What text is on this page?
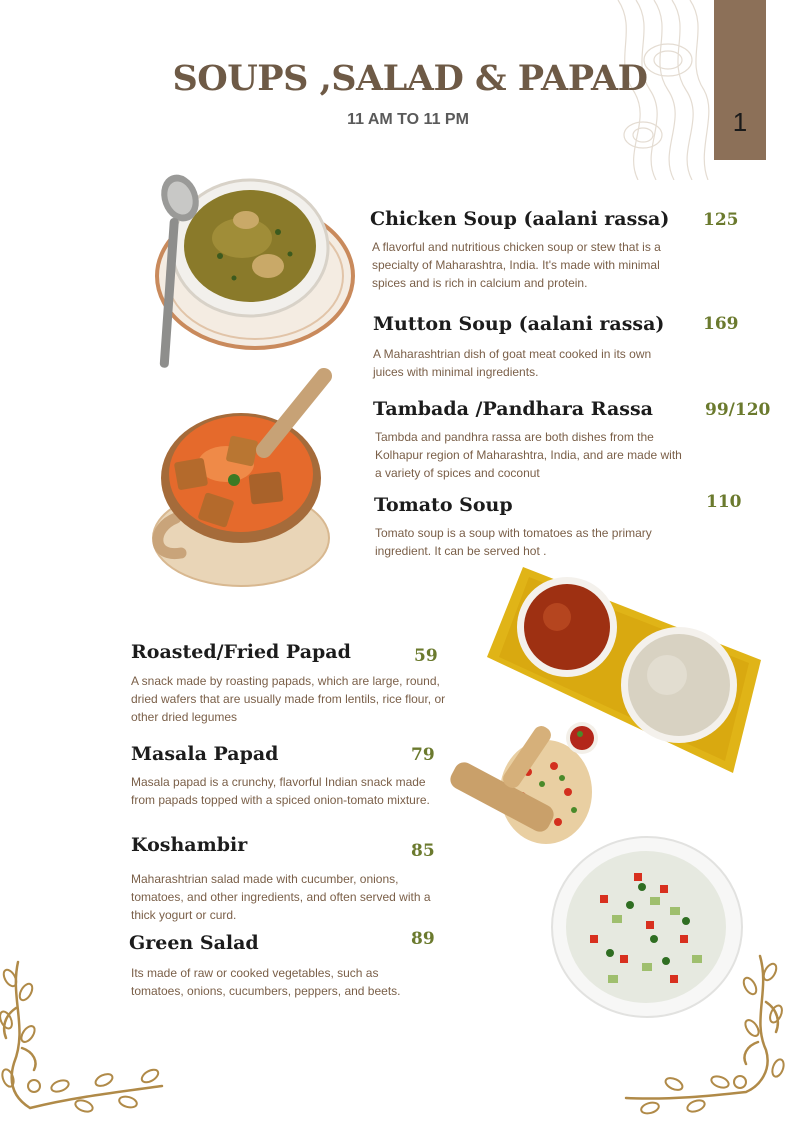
1
SOUPS ,SALAD & PAPAD
11 AM TO 11 PM
Chicken Soup (aalani rassa) 125
A flavorful and nutritious chicken soup or stew that is a specialty of Maharashtra, India. It's made with minimal spices and is rich in calcium and protein.
Mutton Soup (aalani rassa) 169
A Maharashtrian dish of goat meat cooked in its own juices with minimal ingredients.
Tambada /Pandhara Rassa	99/120
Tambda and pandhra rassa are both dishes from the Kolhapur region of Maharashtra, India, and are made with a variety of spices and coconut
Tomato Soup	110
Tomato soup is a soup with tomatoes as the primary ingredient. It can be served hot .
Roasted/Fried Papad	59
A snack made by roasting papads, which are large, round, dried wafers that are usually made from lentils, rice flour, or other dried legumes
Masala Papad	79
Masala papad is a crunchy, flavorful Indian snack made from papads topped with a spiced onion-tomato mixture.
Koshambir	85
Maharashtrian salad made with cucumber, onions, tomatoes, and other ingredients, and often served with a thick yogurt or curd.
Green Salad	89
Its made of raw or cooked vegetables, such as tomatoes, onions, cucumbers, peppers, and beets.
